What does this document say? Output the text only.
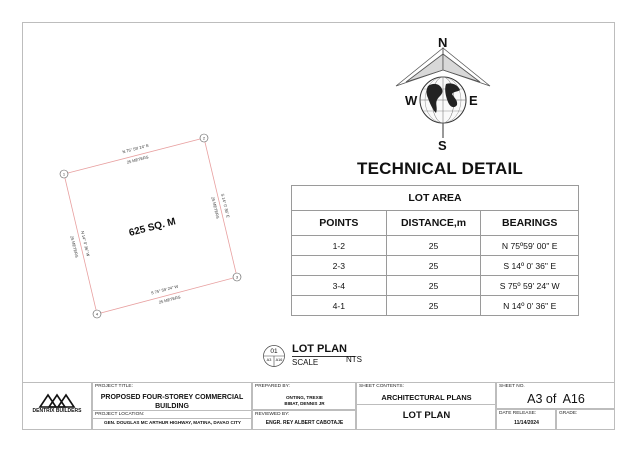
N
W	E
S
1
2
3
4
N 75° 59' 24" E
25 METERS
S 14° 0' 36" E
25 METERS
S 75° 59' 24" W
25 METERS
N 14° 0' 36" W
25 METERS
625 SQ. M
TECHNICAL DETAIL
LOT AREA		
POINTS	DISTANCE,m	BEARINGS
1-2	25	N 75º59' 00" E
2-3	25	S 14º 0' 36" E
3-4	25	S 75º 59' 24" W
4-1	25	N 14º 0' 36" E
01
A3	A16
LOT PLAN
SCALE	NTS
DENTRIX BUILDERS
PROJECT TITLE:
PROPOSED FOUR-STOREY COMMERCIAL BUILDING
PROJECT LOCATION:
GEN. DOUGLAS MC ARTHUR HIGHWAY, MATINA, DAVAO CITY
PREPARED BY:
ONTING, TREXIE
BIBAT, DENNIS JR
REVIEWED BY:
ENGR. REY ALBERT CABOTAJE
SHEET CONTENTS:
ARCHITECTURAL PLANS
LOT PLAN
SHEET NO.
A3 of  A16
DATE RELEASE:
11/14/2024
GRADE:
